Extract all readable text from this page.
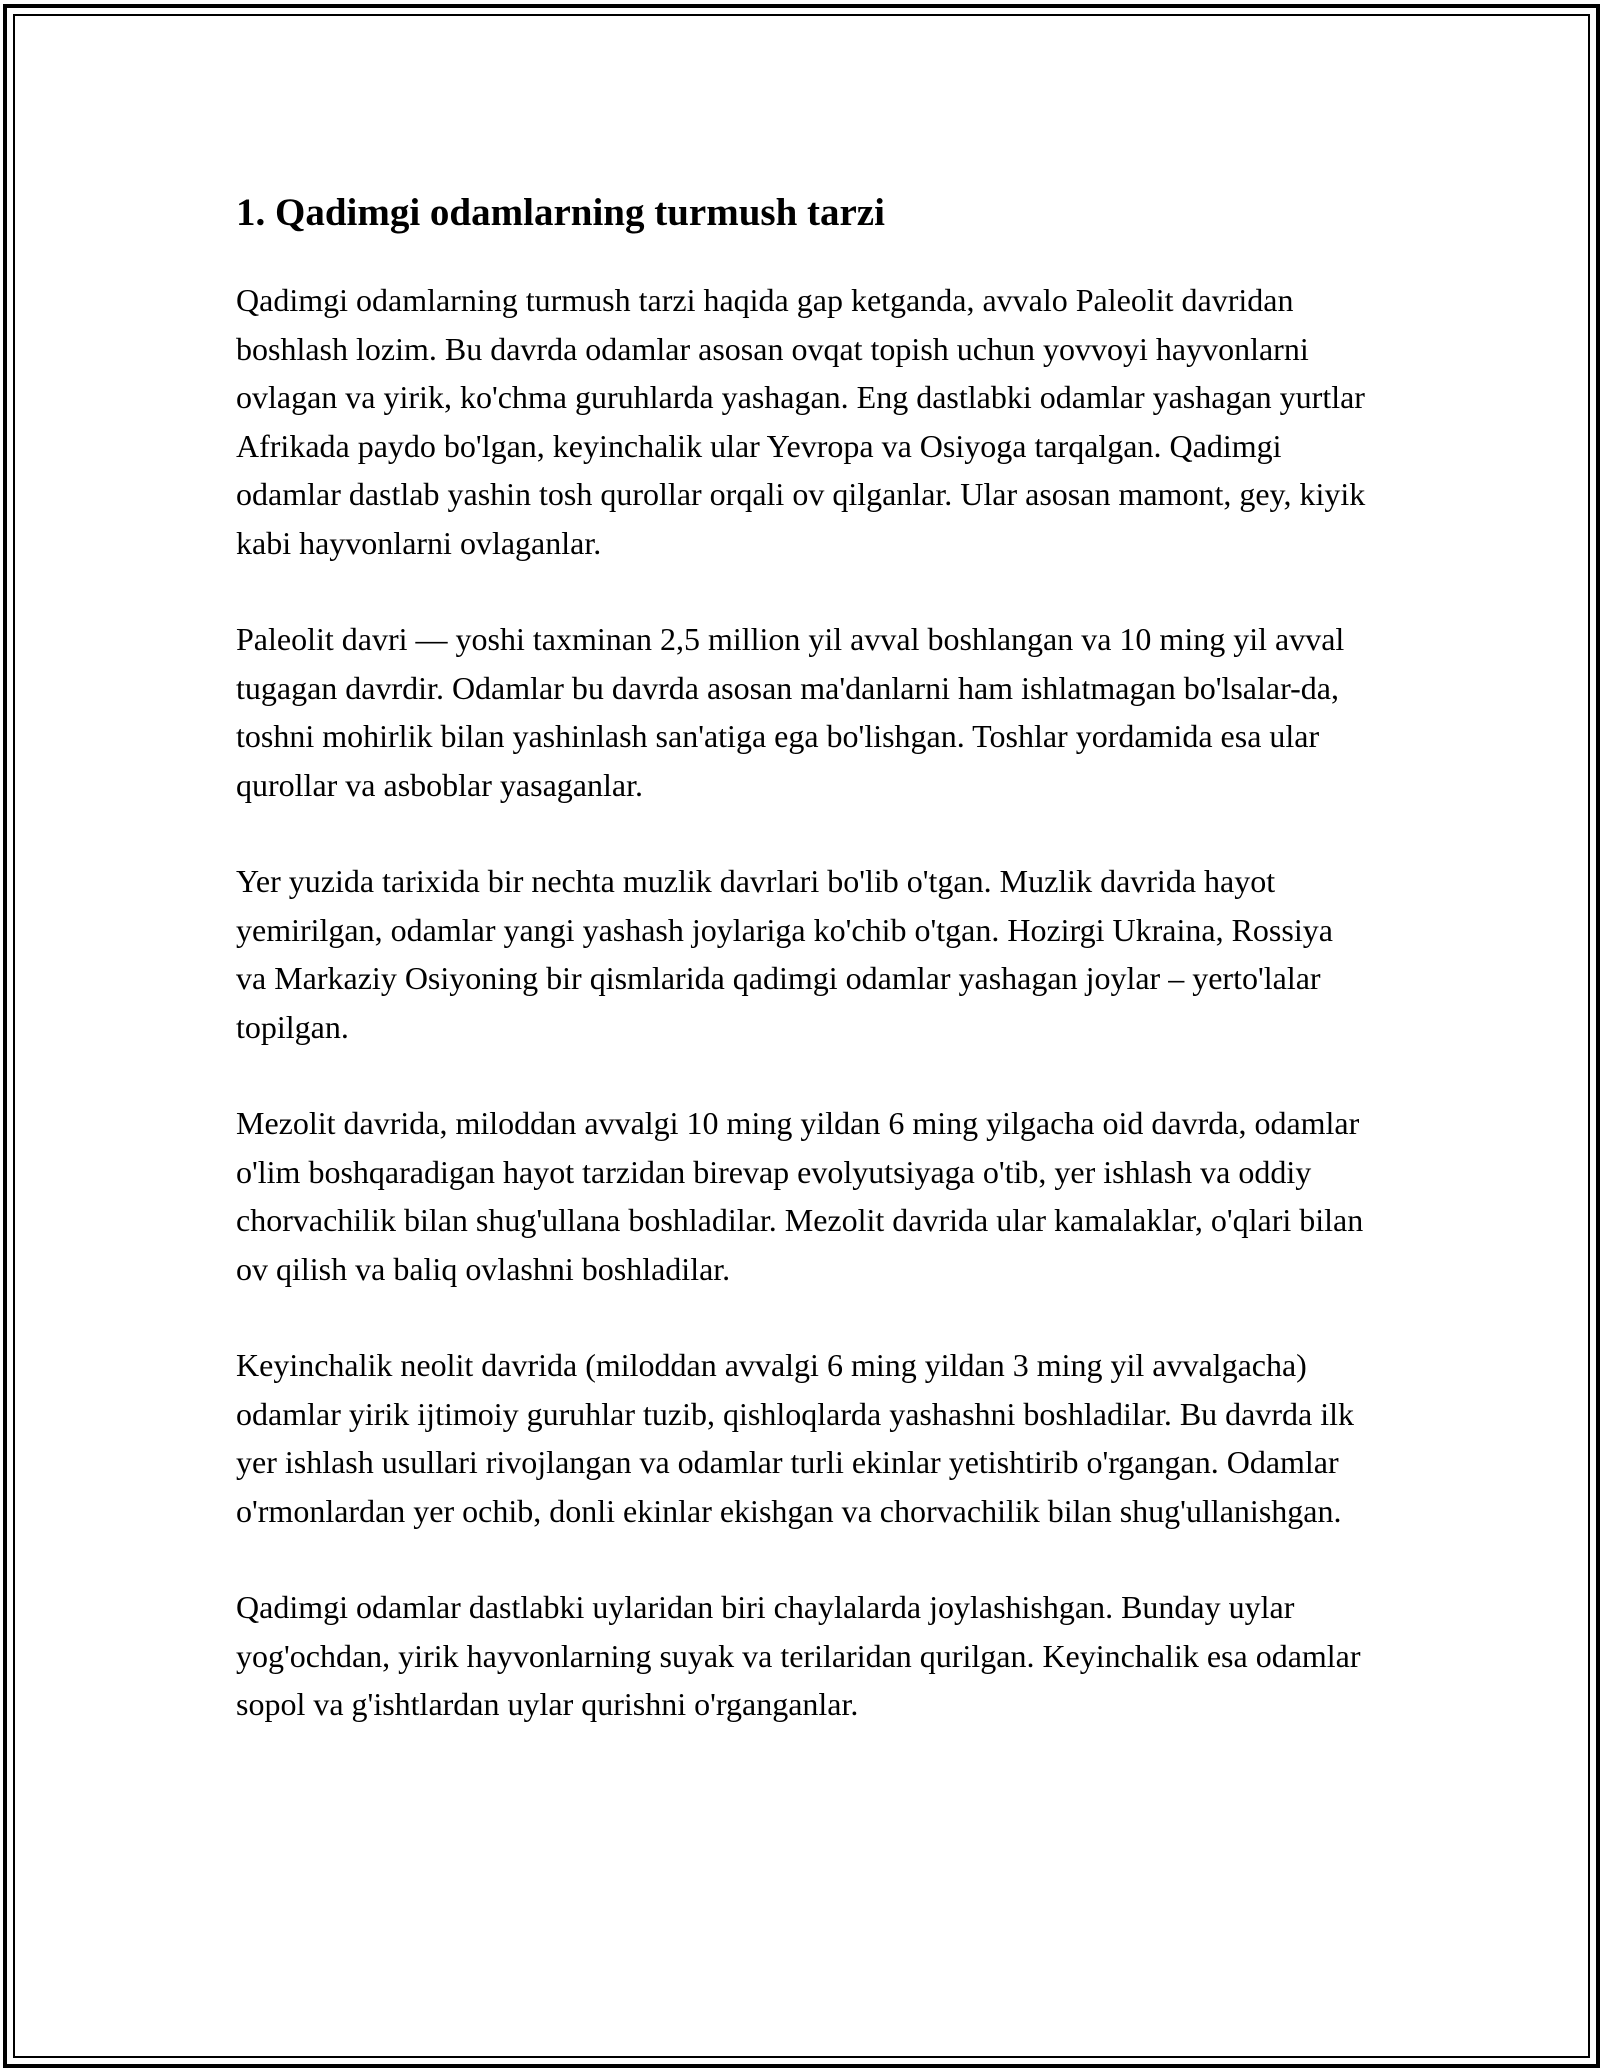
1. Qadimgi odamlarning turmush tarzi

Qadimgi odamlarning turmush tarzi haqida gap ketganda, avvalo Paleolit davridan boshlash lozim. Bu davrda odamlar asosan ovqat topish uchun yovvoyi hayvonlarni ovlagan va yirik, ko'chma guruhlarda yashagan. Eng dastlabki odamlar yashagan yurtlar Afrikada paydo bo'lgan, keyinchalik ular Yevropa va Osiyoga tarqalgan. Qadimgi odamlar dastlab yashin tosh qurollar orqali ov qilganlar. Ular asosan mamont, gey, kiyik kabi hayvonlarni ovlaganlar.

Paleolit davri — yoshi taxminan 2,5 million yil avval boshlangan va 10 ming yil avval tugagan davrdir. Odamlar bu davrda asosan ma'danlarni ham ishlatmagan bo'lsalar-da, toshni mohirlik bilan yashinlash san'atiga ega bo'lishgan. Toshlar yordamida esa ular qurollar va asboblar yasaganlar.

Yer yuzida tarixida bir nechta muzlik davrlari bo'lib o'tgan. Muzlik davrida hayot yemirilgan, odamlar yangi yashash joylariga ko'chib o'tgan. Hozirgi Ukraina, Rossiya va Markaziy Osiyoning bir qismlarida qadimgi odamlar yashagan joylar – yerto'lalar topilgan.

Mezolit davrida, miloddan avvalgi 10 ming yildan 6 ming yilgacha oid davrda, odamlar o'lim boshqaradigan hayot tarzidan birevap evolyutsiyaga o'tib, yer ishlash va oddiy chorvachilik bilan shug'ullana boshladilar. Mezolit davrida ular kamalaklar, o'qlari bilan ov qilish va baliq ovlashni boshladilar.

Keyinchalik neolit davrida (miloddan avvalgi 6 ming yildan 3 ming yil avvalgacha) odamlar yirik ijtimoiy guruhlar tuzib, qishloqlarda yashashni boshladilar. Bu davrda ilk yer ishlash usullari rivojlangan va odamlar turli ekinlar yetishtirib o'rgangan. Odamlar o'rmonlardan yer ochib, donli ekinlar ekishgan va chorvachilik bilan shug'ullanishgan.

Qadimgi odamlar dastlabki uylaridan biri chaylalarda joylashishgan. Bunday uylar yog'ochdan, yirik hayvonlarning suyak va terilaridan qurilgan. Keyinchalik esa odamlar sopol va g'ishtlardan uylar qurishni o'rganganlar.
